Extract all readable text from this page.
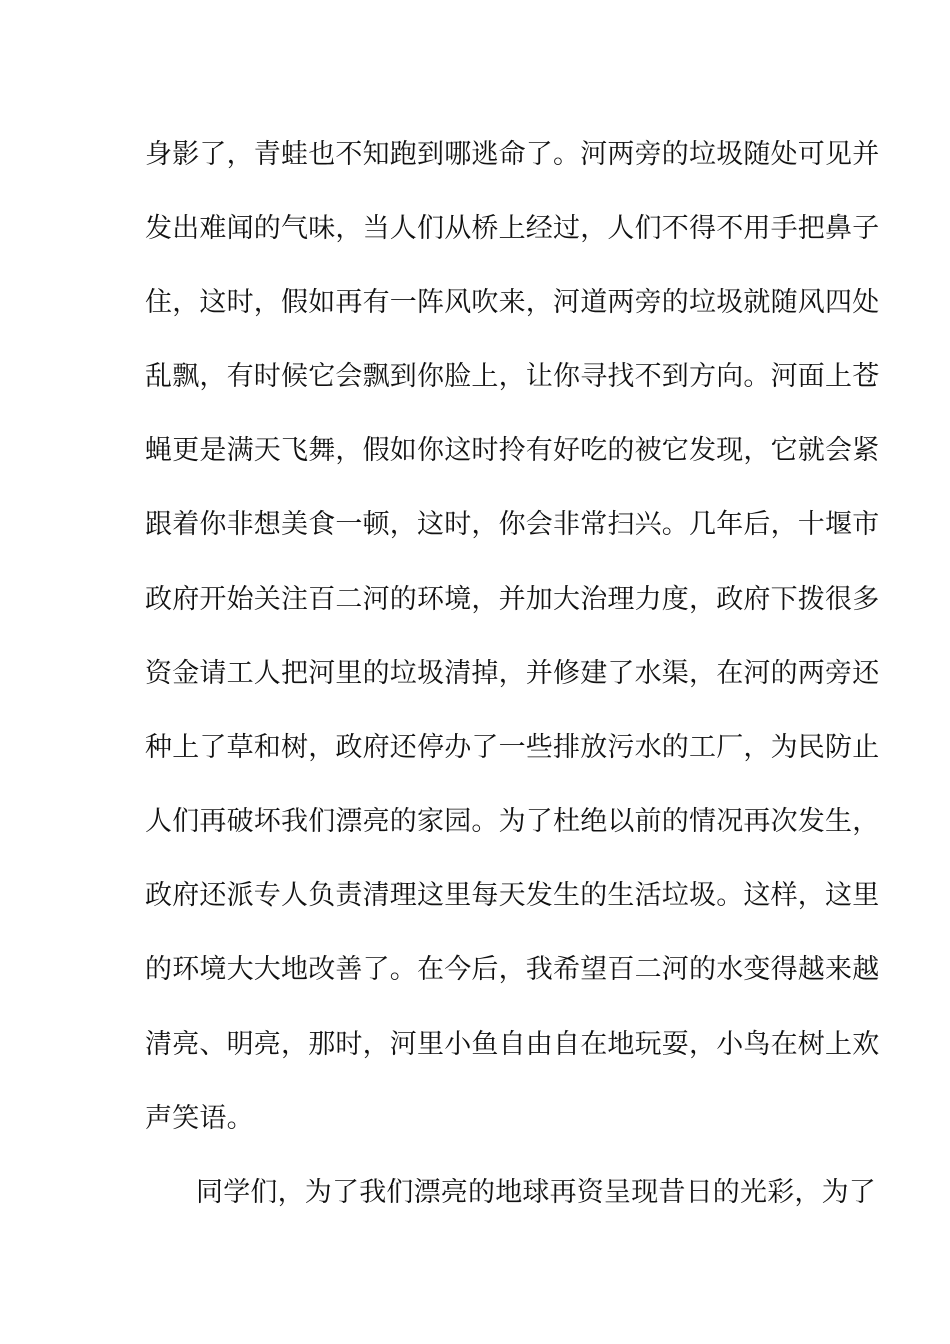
身影了，青蛙也不知跑到哪逃命了。河两旁的垃圾随处可见并
发出难闻的气味，当人们从桥上经过，人们不得不用手把鼻子
住，这时，假如再有一阵风吹来，河道两旁的垃圾就随风四处
乱飘，有时候它会飘到你脸上，让你寻找不到方向。河面上苍
蝇更是满天飞舞，假如你这时拎有好吃的被它发现，它就会紧
跟着你非想美食一顿，这时，你会非常扫兴。几年后，十堰市
政府开始关注百二河的环境，并加大治理力度，政府下拨很多
资金请工人把河里的垃圾清掉，并修建了水渠，在河的两旁还
种上了草和树，政府还停办了一些排放污水的工厂，为民防止
人们再破坏我们漂亮的家园。为了杜绝以前的情况再次发生，
政府还派专人负责清理这里每天发生的生活垃圾。这样，这里
的环境大大地改善了。在今后，我希望百二河的水变得越来越
清亮、明亮，那时，河里小鱼自由自在地玩耍，小鸟在树上欢
声笑语。
同学们，为了我们漂亮的地球再资呈现昔日的光彩，为了
